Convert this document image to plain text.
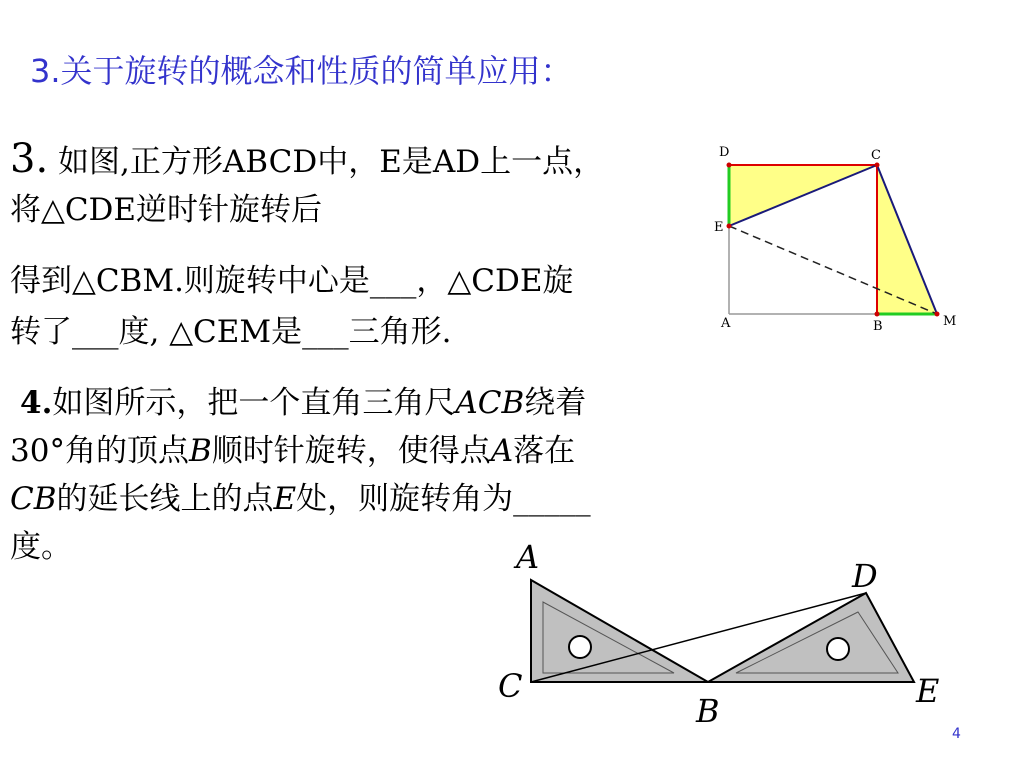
3.关于旋转的概念和性质的简单应用：
3. 如图,正方形ABCD中，E是AD上一点，
将△CDE逆时针旋转后
得到△CBM.则旋转中心是___，△CDE旋
转了___度, △CEM是___三角形.
4.如图所示，把一个直角三角尺ACB绕着
30°角的顶点B顺时针旋转，使得点A落在
CB的延长线上的点E处，则旋转角为_____
度。
D	C
E
A	B	M
A	D
C	E
B
4
